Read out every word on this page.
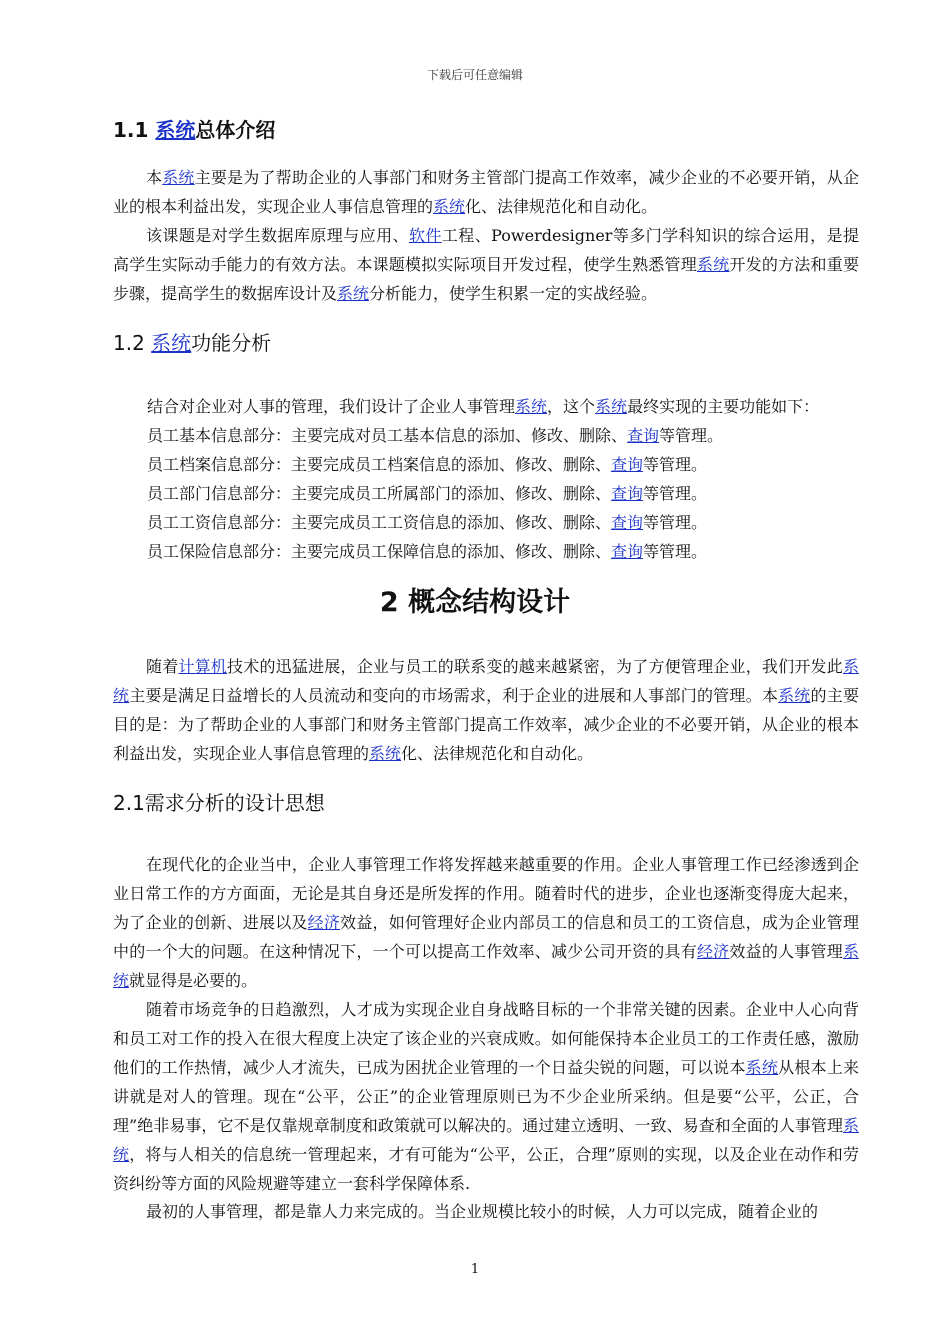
下载后可任意编辑
1.1 系统总体介绍
本系统主要是为了帮助企业的人事部门和财务主管部门提高工作效率，减少企业的不必要开销，从企业的根本利益出发，实现企业人事信息管理的系统化、法律规范化和自动化。
该课题是对学生数据库原理与应用、软件工程、Powerdesigner等多门学科知识的综合运用，是提高学生实际动手能力的有效方法。本课题模拟实际项目开发过程，使学生熟悉管理系统开发的方法和重要步骤，提高学生的数据库设计及系统分析能力，使学生积累一定的实战经验。
1.2 系统功能分析
结合对企业对人事的管理，我们设计了企业人事管理系统，这个系统最终实现的主要功能如下：
员工基本信息部分：主要完成对员工基本信息的添加、修改、删除、查询等管理。
员工档案信息部分：主要完成员工档案信息的添加、修改、删除、查询等管理。
员工部门信息部分：主要完成员工所属部门的添加、修改、删除、查询等管理。
员工工资信息部分：主要完成员工工资信息的添加、修改、删除、查询等管理。
员工保险信息部分：主要完成员工保障信息的添加、修改、删除、查询等管理。
2 概念结构设计
随着计算机技术的迅猛进展，企业与员工的联系变的越来越紧密，为了方便管理企业，我们开发此系统主要是满足日益增长的人员流动和变向的市场需求，利于企业的进展和人事部门的管理。本系统的主要目的是：为了帮助企业的人事部门和财务主管部门提高工作效率，减少企业的不必要开销，从企业的根本利益出发，实现企业人事信息管理的系统化、法律规范化和自动化。
2.1需求分析的设计思想
在现代化的企业当中，企业人事管理工作将发挥越来越重要的作用。企业人事管理工作已经渗透到企业日常工作的方方面面，无论是其自身还是所发挥的作用。随着时代的进步，企业也逐渐变得庞大起来，为了企业的创新、进展以及经济效益，如何管理好企业内部员工的信息和员工的工资信息，成为企业管理中的一个大的问题。在这种情况下，一个可以提高工作效率、减少公司开资的具有经济效益的人事管理系统就显得是必要的。
随着市场竞争的日趋激烈，人才成为实现企业自身战略目标的一个非常关键的因素。企业中人心向背和员工对工作的投入在很大程度上决定了该企业的兴衰成败。如何能保持本企业员工的工作责任感，激励他们的工作热情，减少人才流失，已成为困扰企业管理的一个日益尖锐的问题，可以说本系统从根本上来讲就是对人的管理。现在“公平，公正”的企业管理原则已为不少企业所采纳。但是要“公平，公正，合理”绝非易事，它不是仅靠规章制度和政策就可以解决的。通过建立透明、一致、易查和全面的人事管理系统，将与人相关的信息统一管理起来，才有可能为“公平，公正，合理”原则的实现，以及企业在动作和劳资纠纷等方面的风险规避等建立一套科学保障体系.
最初的人事管理，都是靠人力来完成的。当企业规模比较小的时候，人力可以完成，随着企业的
1
